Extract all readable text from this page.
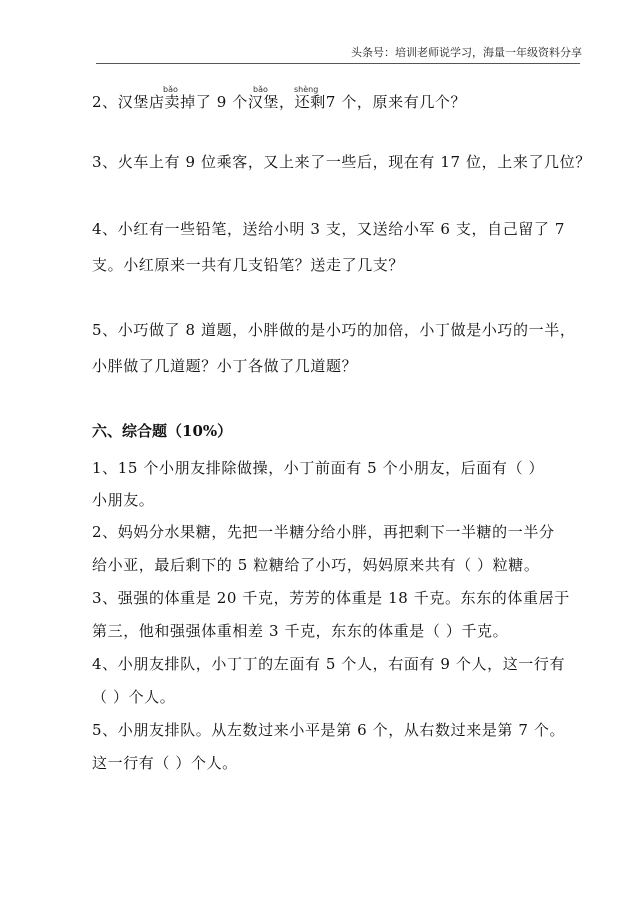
头条号：培训老师说学习，海量一年级资料分享
bǎo	bǎo	shèng
2、汉堡店卖掉了 9 个汉堡，还剩7 个，原来有几个？
3、火车上有 9 位乘客，又上来了一些后，现在有 17 位，上来了几位？
4、小红有一些铅笔，送给小明 3 支，又送给小军 6 支，自己留了 7
支。小红原来一共有几支铅笔？送走了几支？
5、小巧做了 8 道题，小胖做的是小巧的加倍，小丁做是小巧的一半，
小胖做了几道题？小丁各做了几道题？
六、综合题（10%）
1、15 个小朋友排除做操，小丁前面有 5 个小朋友，后面有（ ）
小朋友。
2、妈妈分水果糖，先把一半糖分给小胖，再把剩下一半糖的一半分
给小亚，最后剩下的 5 粒糖给了小巧，妈妈原来共有（ ）粒糖。
3、强强的体重是 20 千克，芳芳的体重是 18 千克。东东的体重居于
第三，他和强强体重相差 3 千克，东东的体重是（ ）千克。
4、小朋友排队，小丁丁的左面有 5 个人，右面有 9 个人，这一行有
（ ）个人。
5、小朋友排队。从左数过来小平是第 6 个，从右数过来是第 7 个。
这一行有（ ）个人。
